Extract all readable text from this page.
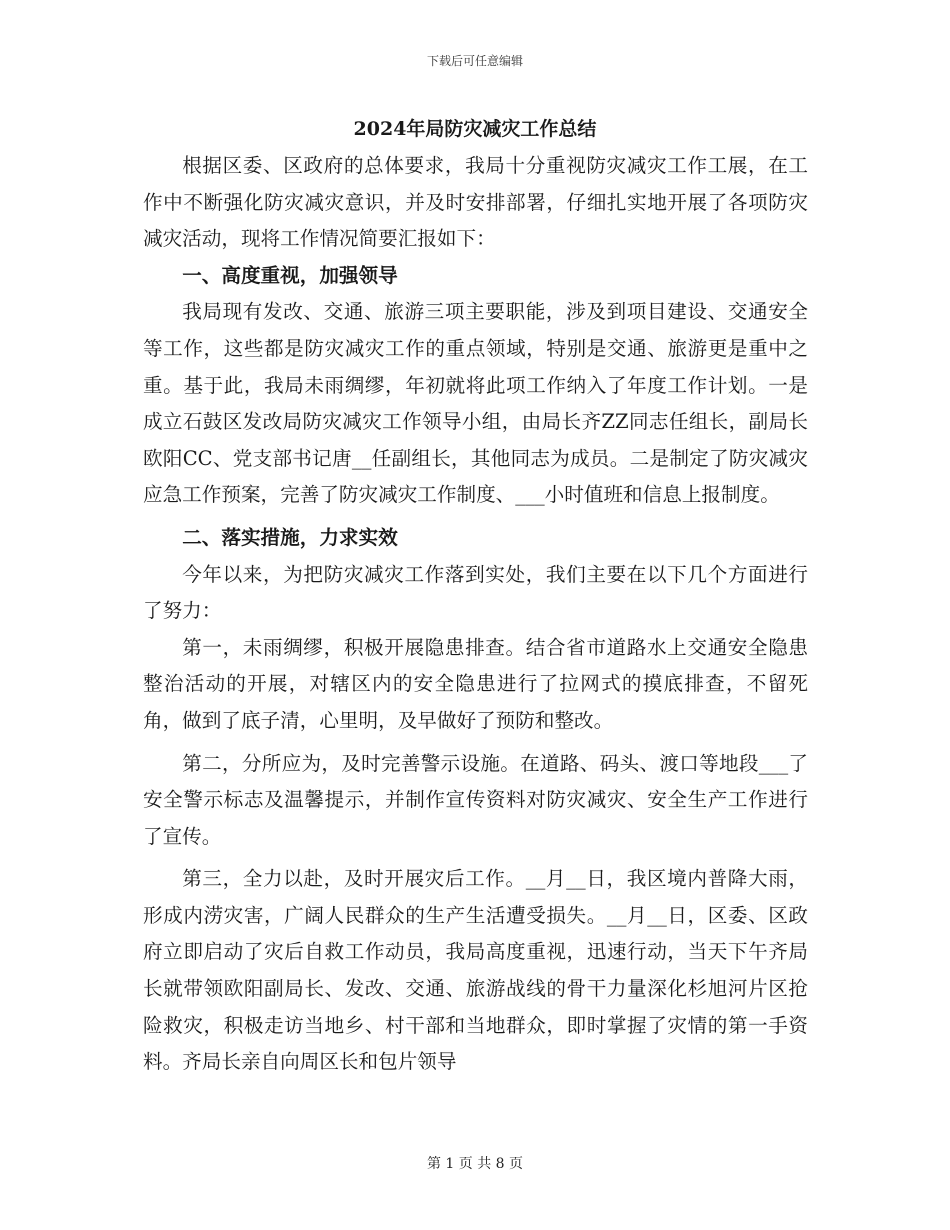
下载后可任意编辑
2024年局防灾减灾工作总结

根据区委、区政府的总体要求，我局十分重视防灾减灾工作工展，在工作中不断强化防灾减灾意识，并及时安排部署，仔细扎实地开展了各项防灾减灾活动，现将工作情况简要汇报如下：

一、高度重视，加强领导

我局现有发改、交通、旅游三项主要职能，涉及到项目建设、交通安全等工作，这些都是防灾减灾工作的重点领域，特别是交通、旅游更是重中之重。基于此，我局未雨绸缪，年初就将此项工作纳入了年度工作计划。一是成立石鼓区发改局防灾减灾工作领导小组，由局长齐ZZ同志任组长，副局长欧阳CC、党支部书记唐__任副组长，其他同志为成员。二是制定了防灾减灾应急工作预案，完善了防灾减灾工作制度、___小时值班和信息上报制度。

二、落实措施，力求实效

今年以来，为把防灾减灾工作落到实处，我们主要在以下几个方面进行了努力：

第一，未雨绸缪，积极开展隐患排查。结合省市道路水上交通安全隐患整治活动的开展，对辖区内的安全隐患进行了拉网式的摸底排查，不留死角，做到了底子清，心里明，及早做好了预防和整改。

第二，分所应为，及时完善警示设施。在道路、码头、渡口等地段___了安全警示标志及温馨提示，并制作宣传资料对防灾减灾、安全生产工作进行了宣传。

第三，全力以赴，及时开展灾后工作。__月__日，我区境内普降大雨，形成内涝灾害，广阔人民群众的生产生活遭受损失。__月__日，区委、区政府立即启动了灾后自救工作动员，我局高度重视，迅速行动，当天下午齐局长就带领欧阳副局长、发改、交通、旅游战线的骨干力量深化杉旭河片区抢险救灾，积极走访当地乡、村干部和当地群众，即时掌握了灾情的第一手资料。齐局长亲自向周区长和包片领导

第 1 页 共 8 页
